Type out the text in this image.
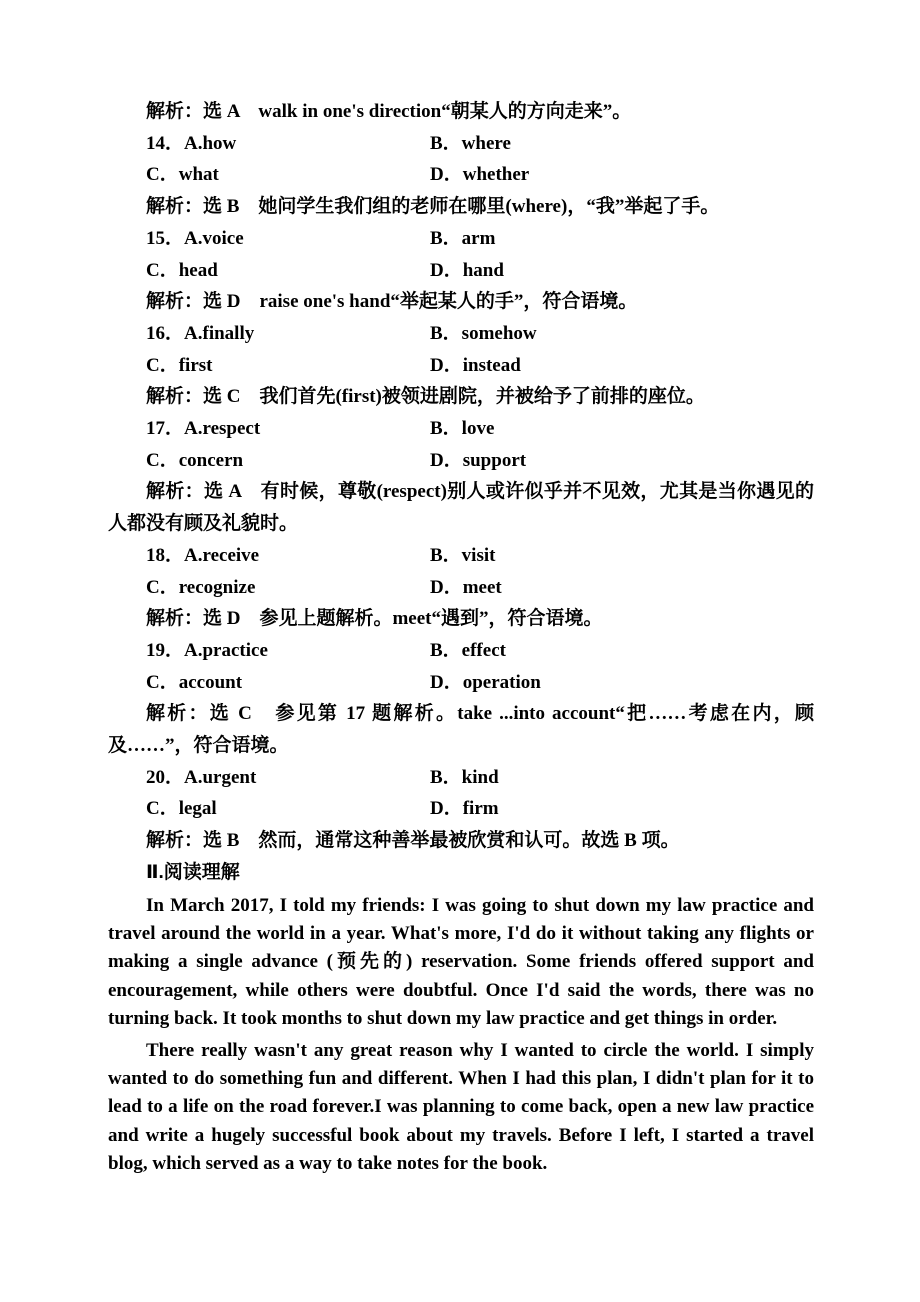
解析：选 A　walk in one's direction“朝某人的方向走来”。

14．A.how	B．where
C．what	D．whether

解析：选 B　她问学生我们组的老师在哪里(where)，“我”举起了手。

15．A.voice	B．arm
C．head	D．hand

解析：选 D　raise one's hand“举起某人的手”，符合语境。

16．A.finally	B．somehow
C．first	D．instead

解析：选 C　我们首先(first)被领进剧院，并被给予了前排的座位。

17．A.respect	B．love
C．concern	D．support

解析：选 A　有时候，尊敬(respect)别人或许似乎并不见效，尤其是当你遇见的人都没有顾及礼貌时。

18．A.receive	B．visit
C．recognize	D．meet

解析：选 D　参见上题解析。meet“遇到”，符合语境。

19．A.practice	B．effect
C．account	D．operation

解析：选 C　参见第 17 题解析。take ...into account“把……考虑在内，顾及……”，符合语境。

20．A.urgent	B．kind
C．legal	D．firm

解析：选 B　然而，通常这种善举最被欣赏和认可。故选 B 项。

Ⅱ.阅读理解

In March 2017, I told my friends: I was going to shut down my law practice and travel around the world in a year. What's more, I'd do it without taking any flights or making a single advance (预先的) reservation. Some friends offered support and encouragement, while others were doubtful. Once I'd said the words, there was no turning back. It took months to shut down my law practice and get things in order.

There really wasn't any great reason why I wanted to circle the world. I simply wanted to do something fun and different. When I had this plan, I didn't plan for it to lead to a life on the road forever.I was planning to come back, open a new law practice and write a hugely successful book about my travels. Before I left, I started a travel blog, which served as a way to take notes for the book.
